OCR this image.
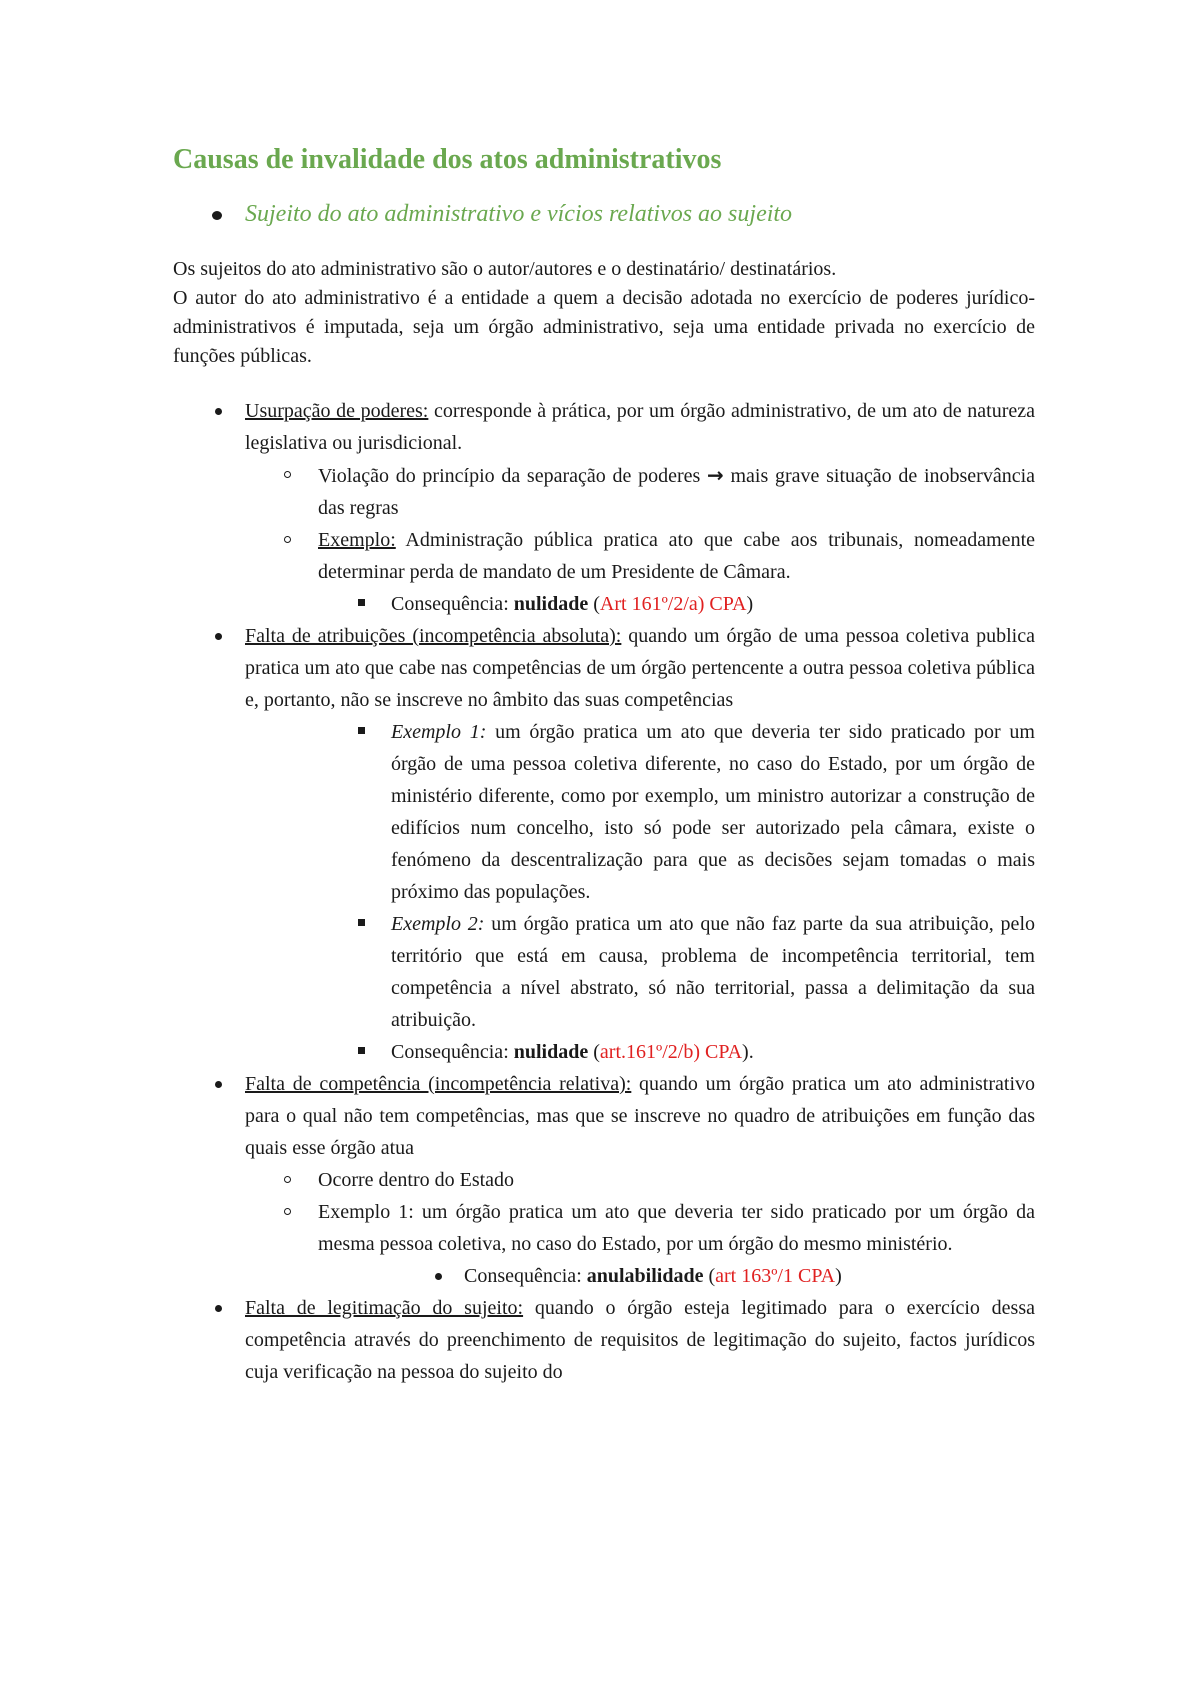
Causas de invalidade dos atos administrativos
Sujeito do ato administrativo e vícios relativos ao sujeito

Os sujeitos do ato administrativo são o autor/autores e o destinatário/ destinatários.

O autor do ato administrativo é a entidade a quem a decisão adotada no exercício de poderes jurídico-administrativos é imputada, seja um órgão administrativo, seja uma entidade privada no exercício de funções públicas.

Usurpação de poderes: corresponde à prática, por um órgão administrativo, de um ato de natureza legislativa ou jurisdicional.
Violação do princípio da separação de poderes → mais grave situação de inobservância das regras
Exemplo: Administração pública pratica ato que cabe aos tribunais, nomeadamente determinar perda de mandato de um Presidente de Câmara.
Consequência: nulidade (Art 161º/2/a) CPA)
Falta de atribuições (incompetência absoluta): quando um órgão de uma pessoa coletiva publica pratica um ato que cabe nas competências de um órgão pertencente a outra pessoa coletiva pública e, portanto, não se inscreve no âmbito das suas competências
Exemplo 1: um órgão pratica um ato que deveria ter sido praticado por um órgão de uma pessoa coletiva diferente, no caso do Estado, por um órgão de ministério diferente, como por exemplo, um ministro autorizar a construção de edifícios num concelho, isto só pode ser autorizado pela câmara, existe o fenómeno da descentralização para que as decisões sejam tomadas o mais próximo das populações.
Exemplo 2: um órgão pratica um ato que não faz parte da sua atribuição, pelo território que está em causa, problema de incompetência territorial, tem competência a nível abstrato, só não territorial, passa a delimitação da sua atribuição.
Consequência: nulidade (art.161º/2/b) CPA).
Falta de competência (incompetência relativa): quando um órgão pratica um ato administrativo para o qual não tem competências, mas que se inscreve no quadro de atribuições em função das quais esse órgão atua
Ocorre dentro do Estado
Exemplo 1: um órgão pratica um ato que deveria ter sido praticado por um órgão da mesma pessoa coletiva, no caso do Estado, por um órgão do mesmo ministério.
Consequência: anulabilidade (art 163º/1 CPA)
Falta de legitimação do sujeito: quando o órgão esteja legitimado para o exercício dessa competência através do preenchimento de requisitos de legitimação do sujeito, factos jurídicos cuja verificação na pessoa do sujeito do
